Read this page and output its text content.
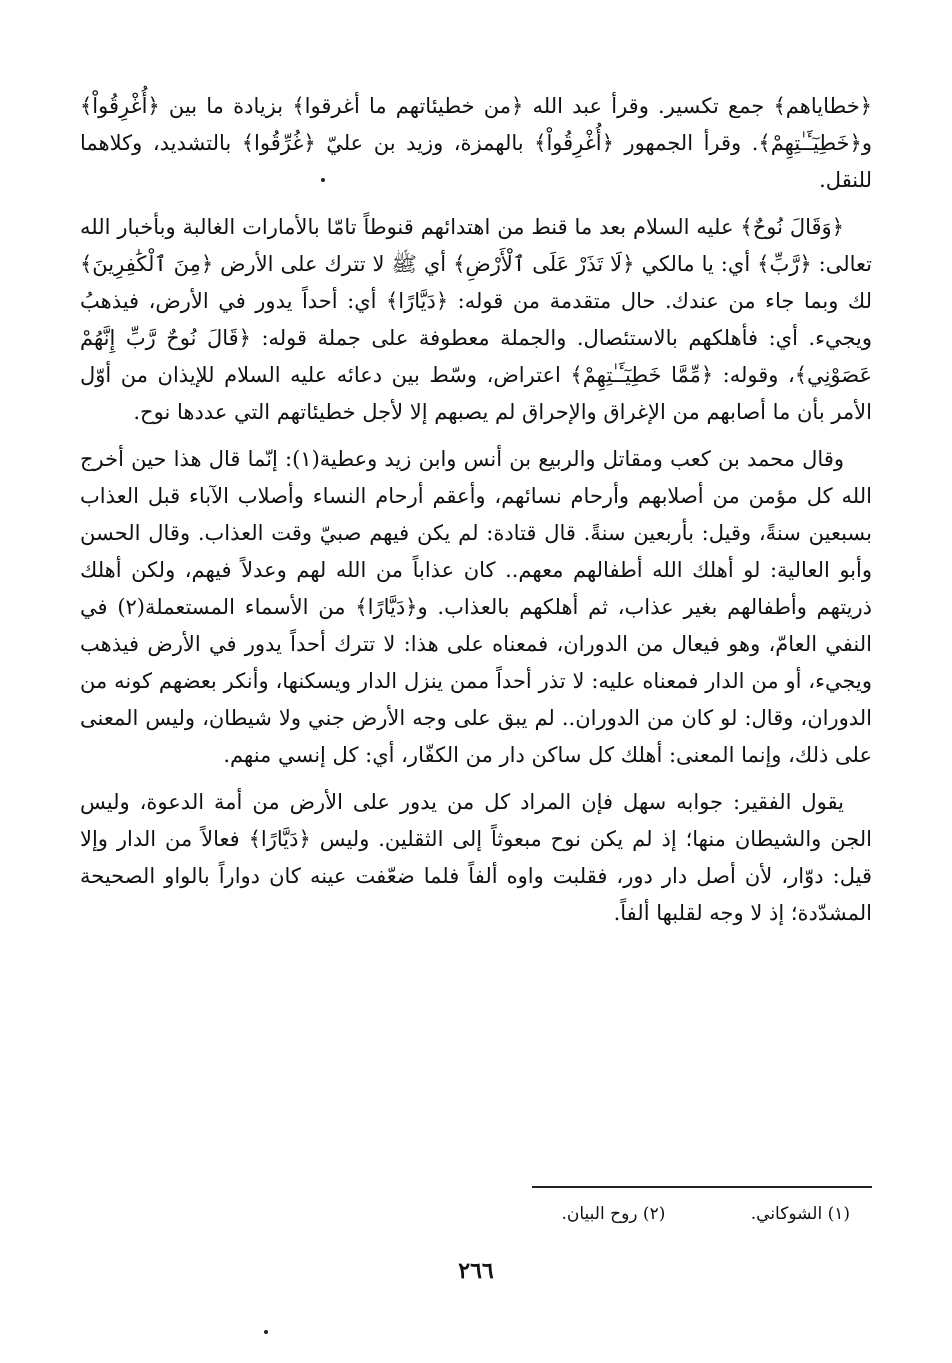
﴿خطاياهم﴾ جمع تكسير. وقرأ عبد الله ﴿من خطيئاتهم ما أغرقوا﴾ بزيادة ما بين ﴿أُغْرِقُواْ﴾ و﴿خَطِيٓـَٔـٰتِهِمْ﴾. وقرأ الجمهور ﴿أُغْرِقُواْ﴾ بالهمزة، وزيد بن عليّ ﴿غُرِّقُوا﴾ بالتشديد، وكلاهما للنقل.

﴿وَقَالَ نُوحٌ﴾ عليه السلام بعد ما قنط من اهتدائهم قنوطاً تامّا بالأمارات الغالبة وبأخبار الله تعالى: ﴿رَّبِّ﴾ أي: يا مالكي ﴿لَا تَذَرْ عَلَى ٱلْأَرْضِ﴾ أي ﷺ لا تترك على الأرض ﴿مِنَ ٱلْكَٰفِرِينَ﴾ لك وبما جاء من عندك. حال متقدمة من قوله: ﴿دَيَّارًا﴾ أي: أحداً يدور في الأرض، فيذهبُ ويجيء. أي: فأهلكهم بالاستئصال. والجملة معطوفة على جملة قوله: ﴿قَالَ نُوحٌ رَّبِّ إِنَّهُمْ عَصَوْنِي﴾، وقوله: ﴿مِّمَّا خَطِيٓـَٔـٰتِهِمْ﴾ اعتراض، وسّط بين دعائه عليه السلام للإيذان من أوّل الأمر بأن ما أصابهم من الإغراق والإحراق لم يصبهم إلا لأجل خطيئاتهم التي عددها نوح.

وقال محمد بن كعب ومقاتل والربيع بن أنس وابن زيد وعطية(١): إنّما قال هذا حين أخرج الله كل مؤمن من أصلابهم وأرحام نسائهم، وأعقم أرحام النساء وأصلاب الآباء قبل العذاب بسبعين سنةً، وقيل: بأربعين سنةً. قال قتادة: لم يكن فيهم صبيّ وقت العذاب. وقال الحسن وأبو العالية: لو أهلك الله أطفالهم معهم.. كان عذاباً من الله لهم وعدلاً فيهم، ولكن أهلك ذريتهم وأطفالهم بغير عذاب، ثم أهلكهم بالعذاب. و﴿دَيَّارًا﴾ من الأسماء المستعملة(٢) في النفي العامّ، وهو فيعال من الدوران، فمعناه على هذا: لا تترك أحداً يدور في الأرض فيذهب ويجيء، أو من الدار فمعناه عليه: لا تذر أحداً ممن ينزل الدار ويسكنها، وأنكر بعضهم كونه من الدوران، وقال: لو كان من الدوران.. لم يبق على وجه الأرض جني ولا شيطان، وليس المعنى على ذلك، وإنما المعنى: أهلك كل ساكن دار من الكفّار، أي: كل إنسي منهم.

يقول الفقير: جوابه سهل فإن المراد كل من يدور على الأرض من أمة الدعوة، وليس الجن والشيطان منها؛ إذ لم يكن نوح مبعوثاً إلى الثقلين. وليس ﴿دَيَّارًا﴾ فعالاً من الدار وإلا قيل: دوّار، لأن أصل دار دور، فقلبت واوه ألفاً فلما ضعّفت عينه كان دواراً بالواو الصحيحة المشدّدة؛ إذ لا وجه لقلبها ألفاً.

(١) الشوكاني. (٢) روح البيان.
٢٦٦
